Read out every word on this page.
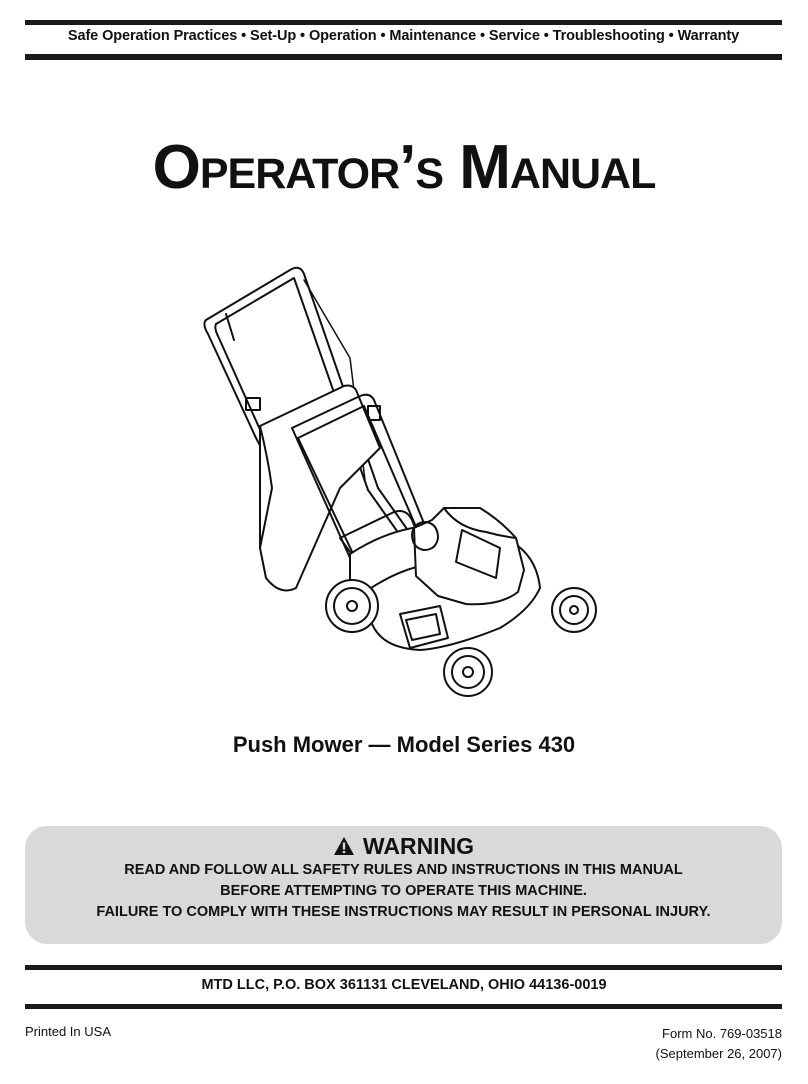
Safe Operation Practices • Set-Up • Operation • Maintenance • Service • Troubleshooting • Warranty
Operator’s Manual
Push Mower — Model Series 430
WARNING
READ AND FOLLOW ALL SAFETY RULES AND INSTRUCTIONS IN THIS MANUAL
BEFORE ATTEMPTING TO OPERATE THIS MACHINE.
FAILURE TO COMPLY WITH THESE INSTRUCTIONS MAY RESULT IN PERSONAL INJURY.
MTD LLC, P.O. BOX 361131 CLEVELAND, OHIO 44136-0019
Printed In USA	Form No. 769-03518
(September 26, 2007)
